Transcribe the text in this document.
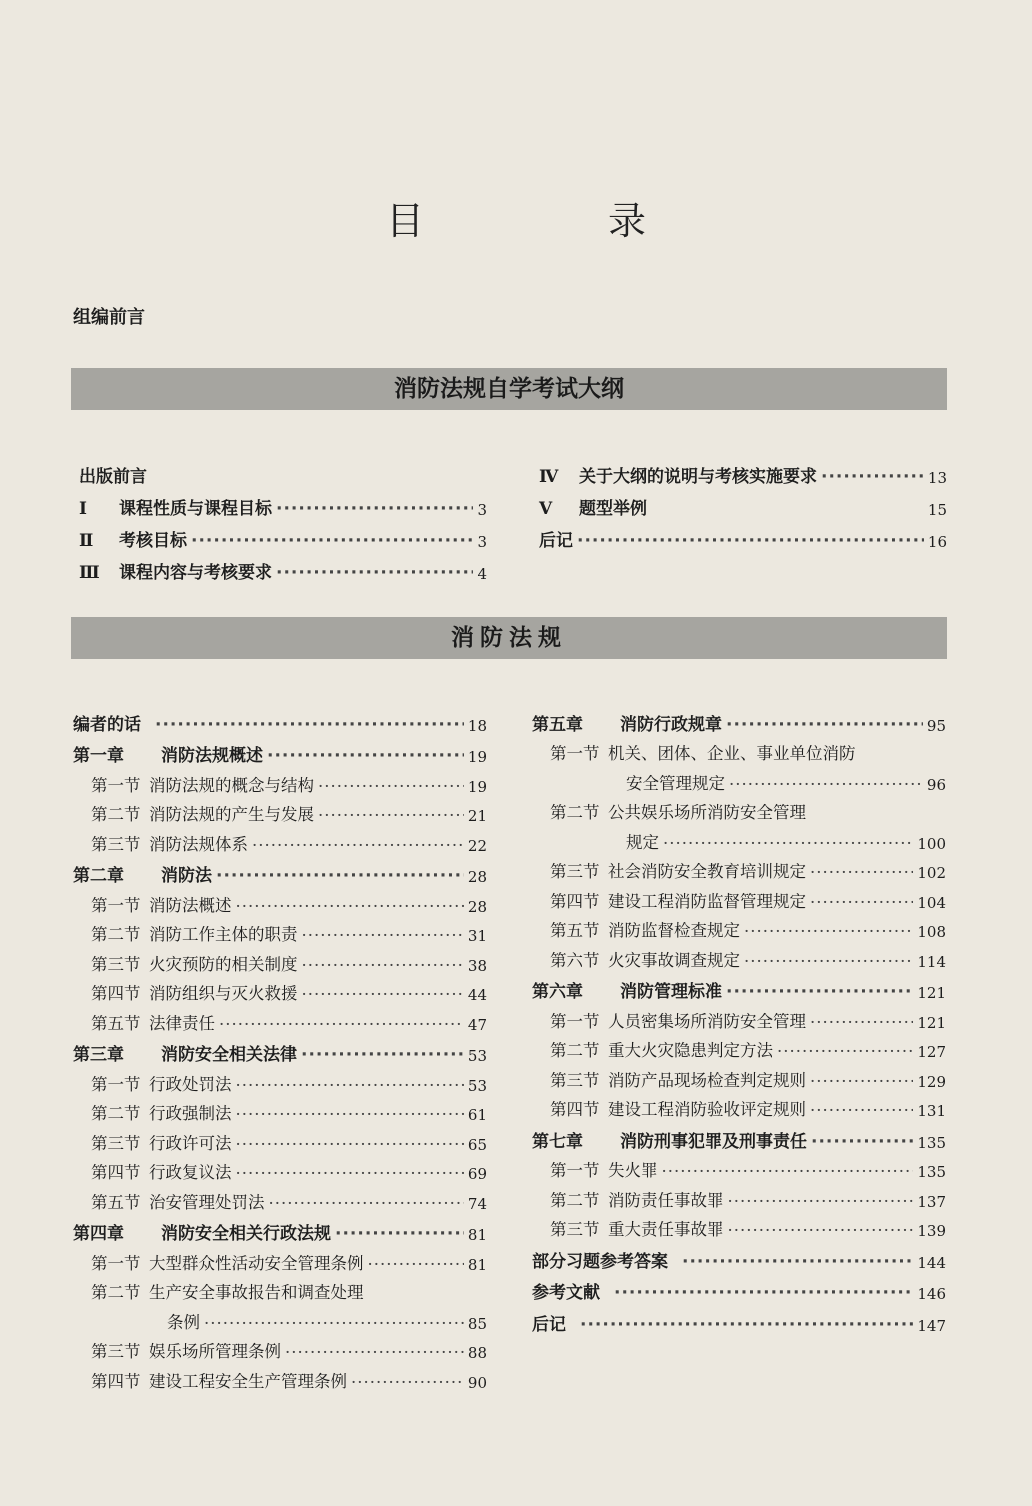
目 录
组编前言
消防法规自学考试大纲
出版前言
Ⅰ	课程性质与课程目标 ·····	3
Ⅱ	考核目标 ·····	3
Ⅲ	课程内容与考核要求 ·····	4
Ⅳ	关于大纲的说明与考核实施要求 ·····	13
Ⅴ	题型举例	15
后记 ·····	16
消防法规
编者的话 ·····	18
第一章	消防法规概述 ·····	19
第一节 消防法规的概念与结构 ·····	19
第二节 消防法规的产生与发展 ·····	21
第三节 消防法规体系 ·····	22
第二章	消防法 ·····	28
第一节 消防法概述 ·····	28
第二节 消防工作主体的职责 ·····	31
第三节 火灾预防的相关制度 ·····	38
第四节 消防组织与灭火救援 ·····	44
第五节 法律责任 ·····	47
第三章	消防安全相关法律 ·····	53
第一节 行政处罚法 ·····	53
第二节 行政强制法 ·····	61
第三节 行政许可法 ·····	65
第四节 行政复议法 ·····	69
第五节 治安管理处罚法 ·····	74
第四章	消防安全相关行政法规 ·····	81
第一节 大型群众性活动安全管理条例 ·····	81
第二节 生产安全事故报告和调查处理
条例 ·····	85
第三节 娱乐场所管理条例 ·····	88
第四节 建设工程安全生产管理条例 ·····	90
第五章	消防行政规章 ·····	95
第一节 机关、团体、企业、事业单位消防
安全管理规定 ·····	96
第二节 公共娱乐场所消防安全管理
规定 ·····	100
第三节 社会消防安全教育培训规定 ·····	102
第四节 建设工程消防监督管理规定 ·····	104
第五节 消防监督检查规定 ·····	108
第六节 火灾事故调查规定 ·····	114
第六章	消防管理标准 ·····	121
第一节 人员密集场所消防安全管理 ·····	121
第二节 重大火灾隐患判定方法 ·····	127
第三节 消防产品现场检查判定规则 ·····	129
第四节 建设工程消防验收评定规则 ·····	131
第七章	消防刑事犯罪及刑事责任 ·····	135
第一节 失火罪 ·····	135
第二节 消防责任事故罪 ·····	137
第三节 重大责任事故罪 ·····	139
部分习题参考答案 ·····	144
参考文献 ·····	146
后记 ·····	147
